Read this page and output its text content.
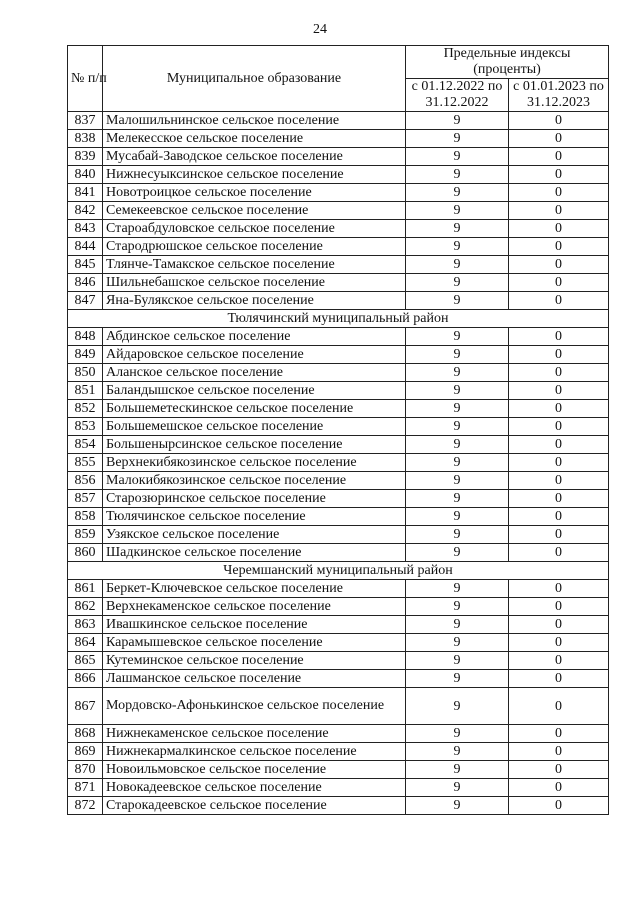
24
№ п/п	Муниципальное образование	Предельные индексы (проценты)	
		с 01.12.2022 по 31.12.2022	с 01.01.2023 по 31.12.2023
837	Малошильнинское сельское поселение	9	0
838	Мелекесское сельское поселение	9	0
839	Мусабай-Заводское сельское поселение	9	0
840	Нижнесуыксинское сельское поселение	9	0
841	Новотроицкое сельское поселение	9	0
842	Семекеевское сельское поселение	9	0
843	Староабдуловское сельское поселение	9	0
844	Стародрюшское сельское поселение	9	0
845	Тлянче-Тамакское сельское поселение	9	0
846	Шильнебашское сельское поселение	9	0
847	Яна-Булякское сельское поселение	9	0
Тюлячинский муниципальный район			
848	Абдинское сельское поселение	9	0
849	Айдаровское сельское поселение	9	0
850	Аланское сельское поселение	9	0
851	Баландышское сельское поселение	9	0
852	Большеметескинское сельское поселение	9	0
853	Большемешское сельское поселение	9	0
854	Большенырсинское сельское поселение	9	0
855	Верхнекибякозинское сельское поселение	9	0
856	Малокибякозинское сельское поселение	9	0
857	Старозюринское сельское поселение	9	0
858	Тюлячинское сельское поселение	9	0
859	Узякское сельское поселение	9	0
860	Шадкинское сельское поселение	9	0
Черемшанский муниципальный район			
861	Беркет-Ключевское сельское поселение	9	0
862	Верхнекаменское сельское поселение	9	0
863	Ивашкинское сельское поселение	9	0
864	Карамышевское сельское поселение	9	0
865	Кутеминское сельское поселение	9	0
866	Лашманское сельское поселение	9	0
867	Мордовско-Афонькинское сельское поселение	9	0
868	Нижнекаменское сельское поселение	9	0
869	Нижнекармалкинское сельское поселение	9	0
870	Новоильмовское сельское поселение	9	0
871	Новокадеевское сельское поселение	9	0
872	Старокадеевское сельское поселение	9	0
